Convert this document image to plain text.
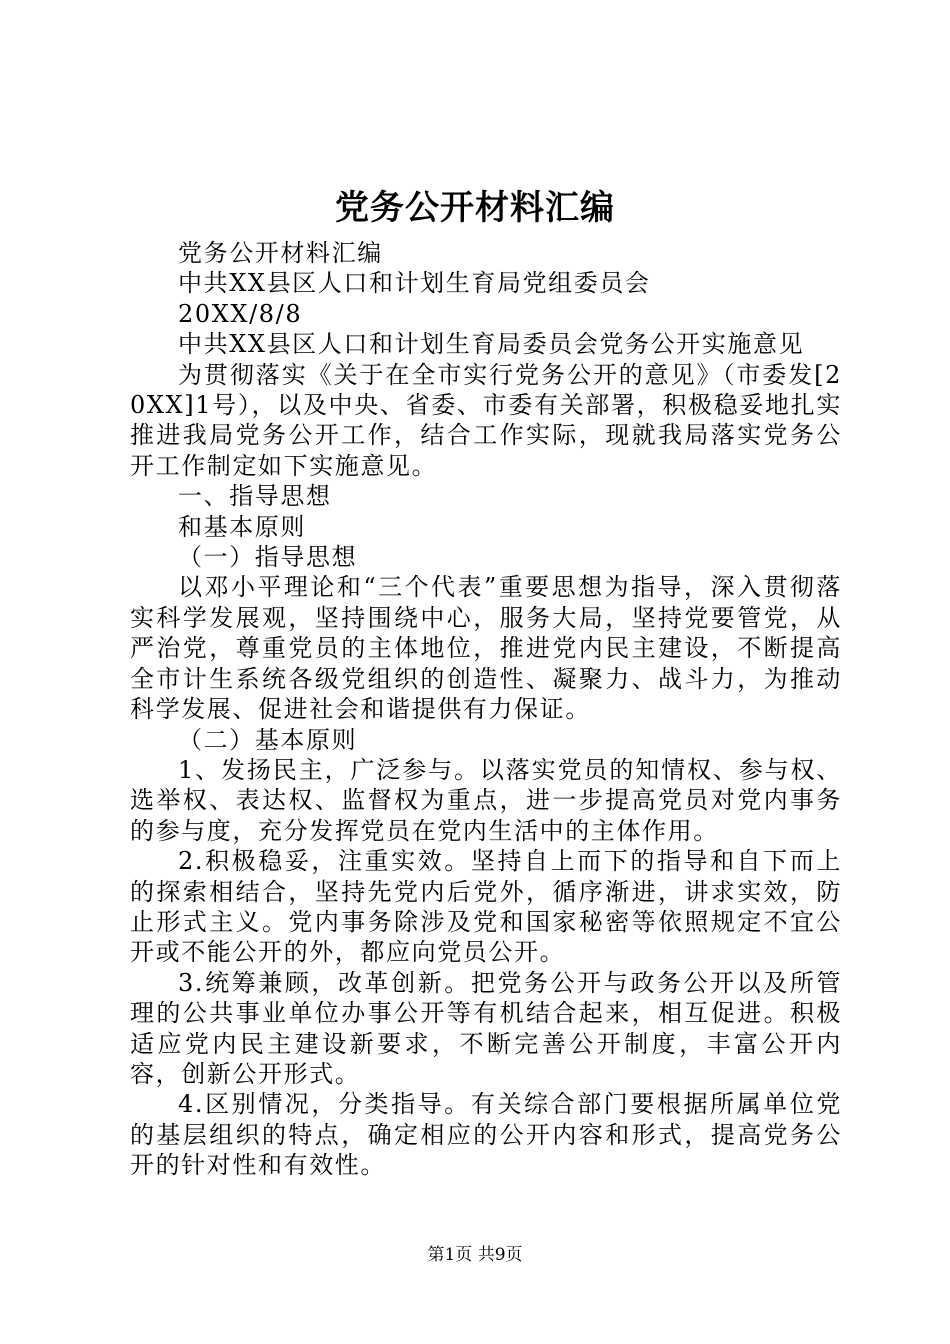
党务公开材料汇编

党务公开材料汇编

中共XX县区人口和计划生育局党组委员会

20XX/8/8

中共XX县区人口和计划生育局委员会党务公开实施意见

为贯彻落实《关于在全市实行党务公开的意见》（市委发[20XX]1号），以及中央、省委、市委有关部署，积极稳妥地扎实推进我局党务公开工作，结合工作实际，现就我局落实党务公开工作制定如下实施意见。

一、指导思想

和基本原则

（一）指导思想

以邓小平理论和“三个代表”重要思想为指导，深入贯彻落实科学发展观，坚持围绕中心，服务大局，坚持党要管党，从严治党，尊重党员的主体地位，推进党内民主建设，不断提高全市计生系统各级党组织的创造性、凝聚力、战斗力，为推动科学发展、促进社会和谐提供有力保证。

（二）基本原则

1、发扬民主，广泛参与。以落实党员的知情权、参与权、选举权、表达权、监督权为重点，进一步提高党员对党内事务的参与度，充分发挥党员在党内生活中的主体作用。

2.积极稳妥，注重实效。坚持自上而下的指导和自下而上的探索相结合，坚持先党内后党外，循序渐进，讲求实效，防止形式主义。党内事务除涉及党和国家秘密等依照规定不宜公开或不能公开的外，都应向党员公开。

3.统筹兼顾，改革创新。把党务公开与政务公开以及所管理的公共事业单位办事公开等有机结合起来，相互促进。积极适应党内民主建设新要求，不断完善公开制度，丰富公开内容，创新公开形式。

4.区别情况，分类指导。有关综合部门要根据所属单位党的基层组织的特点，确定相应的公开内容和形式，提高党务公开的针对性和有效性。

第1页 共9页
